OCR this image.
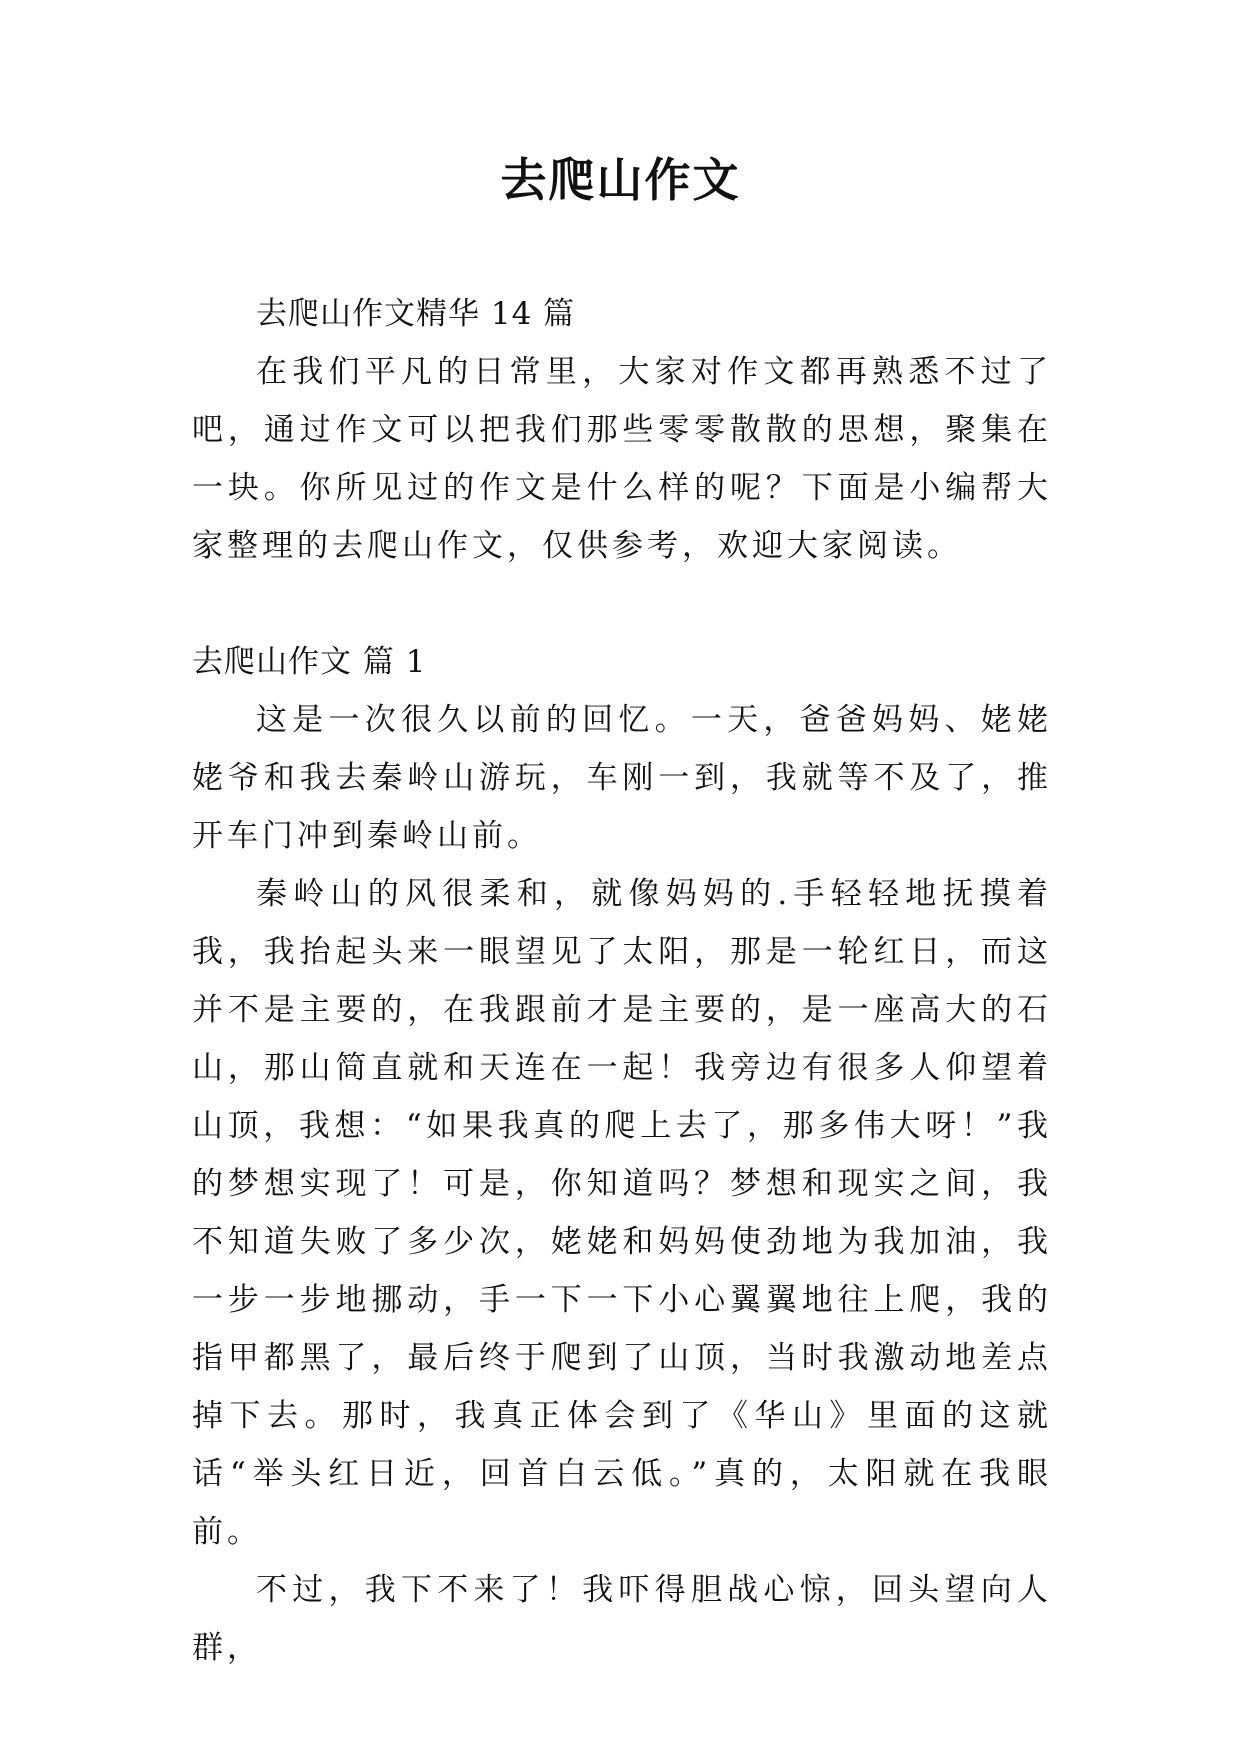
去爬山作文

去爬山作文精华 14 篇

在我们平凡的日常里，大家对作文都再熟悉不过了吧，通过作文可以把我们那些零零散散的思想，聚集在一块。你所见过的作文是什么样的呢？下面是小编帮大家整理的去爬山作文，仅供参考，欢迎大家阅读。

去爬山作文 篇 1

这是一次很久以前的回忆。一天，爸爸妈妈、姥姥姥爷和我去秦岭山游玩，车刚一到，我就等不及了，推开车门冲到秦岭山前。

秦岭山的风很柔和，就像妈妈的.手轻轻地抚摸着我，我抬起头来一眼望见了太阳，那是一轮红日，而这并不是主要的，在我跟前才是主要的，是一座高大的石山，那山简直就和天连在一起！我旁边有很多人仰望着山顶，我想：“如果我真的爬上去了，那多伟大呀！”我的梦想实现了！可是，你知道吗？梦想和现实之间，我不知道失败了多少次，姥姥和妈妈使劲地为我加油，我一步一步地挪动，手一下一下小心翼翼地往上爬，我的指甲都黑了，最后终于爬到了山顶，当时我激动地差点掉下去。那时，我真正体会到了《华山》里面的这就话“举头红日近，回首白云低。”真的，太阳就在我眼前。

不过，我下不来了！我吓得胆战心惊，回头望向人群，
